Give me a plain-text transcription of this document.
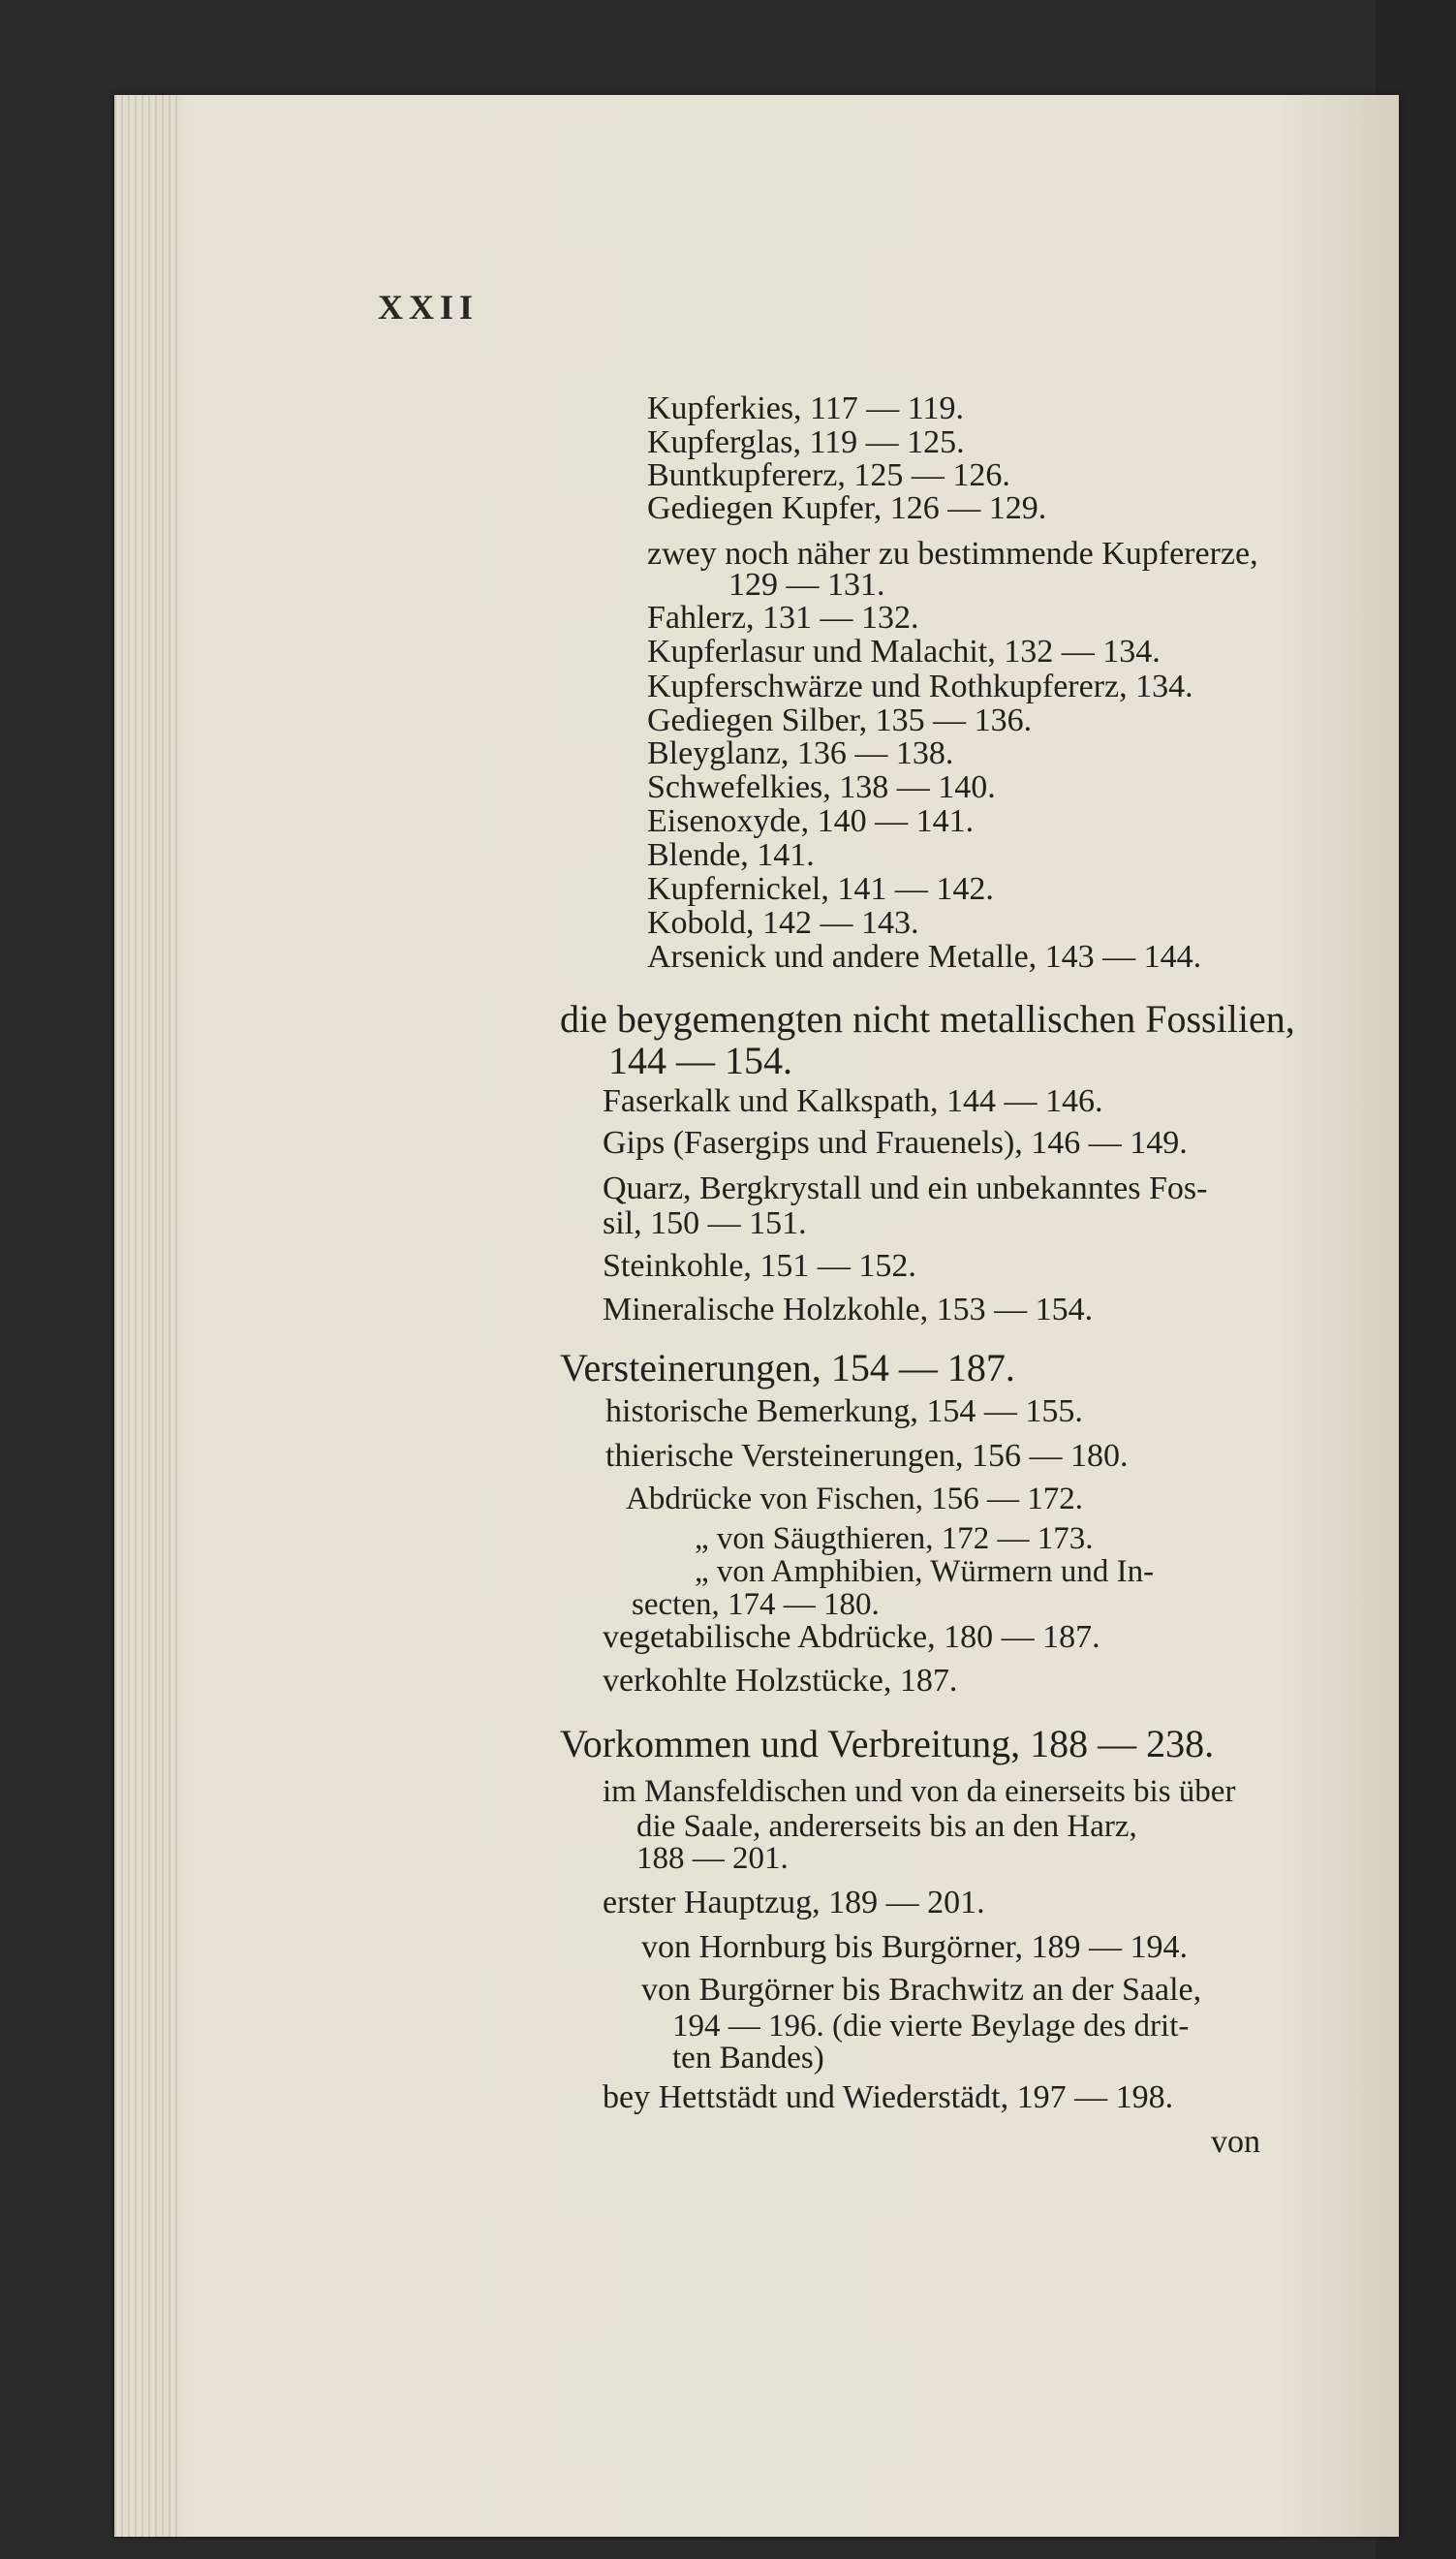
XXII
Kupferkies, 117 — 119.
Kupferglas, 119 — 125.
Buntkupfererz, 125 — 126.
Gediegen Kupfer, 126 — 129.
zwey noch näher zu bestimmende Kupfererze,
129 — 131.
Fahlerz, 131 — 132.
Kupferlasur und Malachit, 132 — 134.
Kupferschwärze und Rothkupfererz, 134.
Gediegen Silber, 135 — 136.
Bleyglanz, 136 — 138.
Schwefelkies, 138 — 140.
Eisenoxyde, 140 — 141.
Blende, 141.
Kupfernickel, 141 — 142.
Kobold, 142 — 143.
Arsenick und andere Metalle, 143 — 144.
die beygemengten nicht metallischen Fossilien,
144 — 154.
Faserkalk und Kalkspath, 144 — 146.
Gips (Fasergips und Frauenels), 146 — 149.
Quarz, Bergkrystall und ein unbekanntes Fos-
sil, 150 — 151.
Steinkohle, 151 — 152.
Mineralische Holzkohle, 153 — 154.
Versteinerungen, 154 — 187.
historische Bemerkung, 154 — 155.
thierische Versteinerungen, 156 — 180.
Abdrücke von Fischen, 156 — 172.
„ von Säugthieren, 172 — 173.
„ von Amphibien, Würmern und In-
secten, 174 — 180.
vegetabilische Abdrücke, 180 — 187.
verkohlte Holzstücke, 187.
Vorkommen und Verbreitung, 188 — 238.
im Mansfeldischen und von da einerseits bis über
die Saale, andererseits bis an den Harz,
188 — 201.
erster Hauptzug, 189 — 201.
von Hornburg bis Burgörner, 189 — 194.
von Burgörner bis Brachwitz an der Saale,
194 — 196. (die vierte Beylage des drit-
ten Bandes)
bey Hettstädt und Wiederstädt, 197 — 198.
von
